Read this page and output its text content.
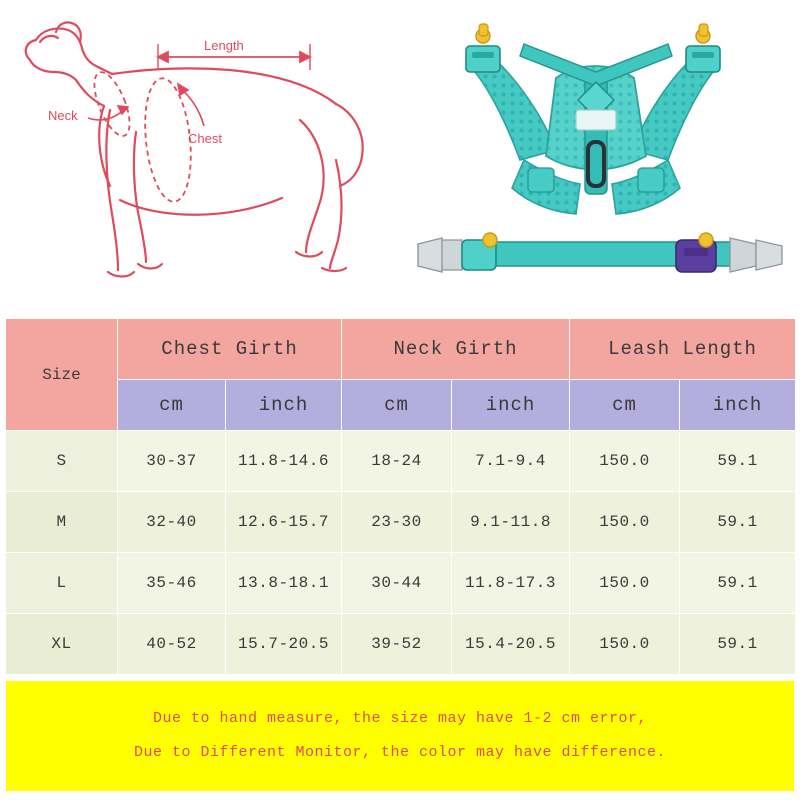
Length
Neck
Chest
Size	Chest Girth		Neck Girth		Leash Length	
	cm	inch	cm	inch	cm	inch
S	30-37	11.8-14.6	18-24	7.1-9.4	150.0	59.1
M	32-40	12.6-15.7	23-30	9.1-11.8	150.0	59.1
L	35-46	13.8-18.1	30-44	11.8-17.3	150.0	59.1
XL	40-52	15.7-20.5	39-52	15.4-20.5	150.0	59.1
Due to hand measure, the size may have 1-2 cm error,
Due to Different Monitor, the color may have difference.
